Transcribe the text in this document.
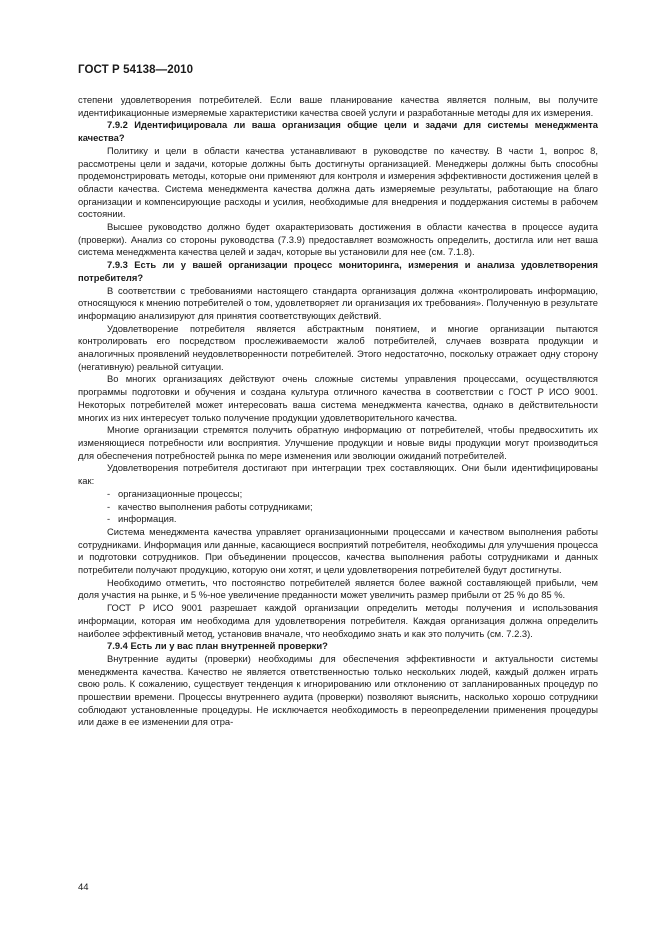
ГОСТ Р 54138—2010

степени удовлетворения потребителей. Если ваше планирование качества является полным, вы получите идентификационные измеряемые характеристики качества своей услуги и разработанные методы для их измерения.

7.9.2 Идентифицировала ли ваша организация общие цели и задачи для системы менеджмента качества?

Политику и цели в области качества устанавливают в руководстве по качеству. В части 1, вопрос 8, рассмотрены цели и задачи, которые должны быть достигнуты организацией. Менеджеры должны быть способны продемонстрировать методы, которые они применяют для контроля и измерения эффективности достижения целей в области качества. Система менеджмента качества должна дать измеряемые результаты, работающие на благо организации и компенсирующие расходы и усилия, необходимые для внедрения и поддержания системы в рабочем состоянии.

Высшее руководство должно будет охарактеризовать достижения в области качества в процессе аудита (проверки). Анализ со стороны руководства (7.3.9) предоставляет возможность определить, достигла или нет ваша система менеджмента качества целей и задач, которые вы установили для нее (см. 7.1.8).

7.9.3 Есть ли у вашей организации процесс мониторинга, измерения и анализа удовлетворения потребителя?

В соответствии с требованиями настоящего стандарта организация должна «контролировать информацию, относящуюся к мнению потребителей о том, удовлетворяет ли организация их требования». Полученную в результате информацию анализируют для принятия соответствующих действий.

Удовлетворение потребителя является абстрактным понятием, и многие организации пытаются контролировать его посредством прослеживаемости жалоб потребителей, случаев возврата продукции и аналогичных проявлений неудовлетворенности потребителей. Этого недостаточно, поскольку отражает одну сторону (негативную) реальной ситуации.

Во многих организациях действуют очень сложные системы управления процессами, осуществляются программы подготовки и обучения и создана культура отличного качества в соответствии с ГОСТ Р ИСО 9001. Некоторых потребителей может интересовать ваша система менеджмента качества, однако в действительности многих из них интересует только получение продукции удовлетворительного качества.

Многие организации стремятся получить обратную информацию от потребителей, чтобы предвосхитить их изменяющиеся потребности или восприятия. Улучшение продукции и новые виды продукции могут производиться для обеспечения потребностей рынка по мере изменения или эволюции ожиданий потребителей.

Удовлетворения потребителя достигают при интеграции трех составляющих. Они были идентифицированы как:

- организационные процессы;

- качество выполнения работы сотрудниками;

- информация.

Система менеджмента качества управляет организационными процессами и качеством выполнения работы сотрудниками. Информация или данные, касающиеся восприятий потребителя, необходимы для улучшения процесса и подготовки сотрудников. При объединении процессов, качества выполнения работы сотрудниками и данных потребители получают продукцию, которую они хотят, и цели удовлетворения потребителей будут достигнуты.

Необходимо отметить, что постоянство потребителей является более важной составляющей прибыли, чем доля участия на рынке, и 5 %-ное увеличение преданности может увеличить размер прибыли от 25 % до 85 %.

ГОСТ Р ИСО 9001 разрешает каждой организации определить методы получения и использования информации, которая им необходима для удовлетворения потребителя. Каждая организация должна определить наиболее эффективный метод, установив вначале, что необходимо знать и как это получить (см. 7.2.3).

7.9.4 Есть ли у вас план внутренней проверки?

Внутренние аудиты (проверки) необходимы для обеспечения эффективности и актуальности системы менеджмента качества. Качество не является ответственностью только нескольких людей, каждый должен играть свою роль. К сожалению, существует тенденция к игнорированию или отклонению от запланированных процедур по прошествии времени. Процессы внутреннего аудита (проверки) позволяют выяснить, насколько хорошо сотрудники соблюдают установленные процедуры. Не исключается необходимость в переопределении применения процедуры или даже в ее изменении для отра-

44
